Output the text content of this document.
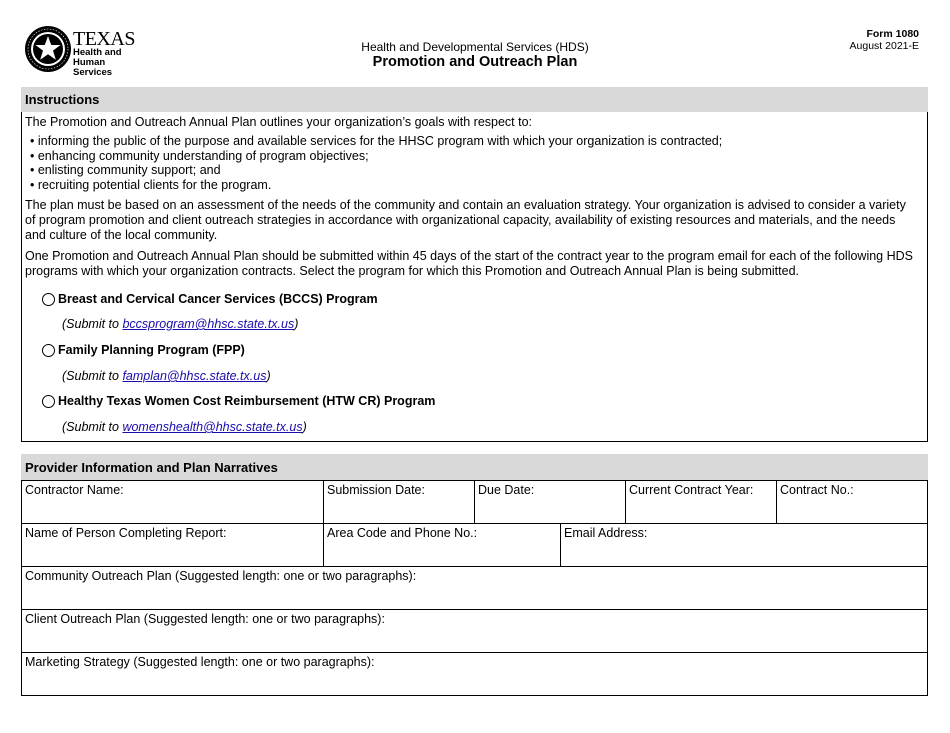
TEXAS
Health and Human
Services
Health and Developmental Services (HDS)
Promotion and Outreach Plan
Form 1080
August 2021-E
Instructions

The Promotion and Outreach Annual Plan outlines your organization’s goals with respect to:

• informing the public of the purpose and available services for the HHSC program with which your organization is contracted;
• enhancing community understanding of program objectives;
• enlisting community support; and
• recruiting potential clients for the program.

The plan must be based on an assessment of the needs of the community and contain an evaluation strategy. Your organization is advised to consider a variety of program promotion and client outreach strategies in accordance with organizational capacity, availability of existing resources and materials, and the needs and culture of the local community.

One Promotion and Outreach Annual Plan should be submitted within 45 days of the start of the contract year to the program email for each of the following HDS programs with which your organization contracts. Select the program for which this Promotion and Outreach Annual Plan is being submitted.

Breast and Cervical Cancer Services (BCCS) Program
(Submit to bccsprogram@hhsc.state.tx.us)
Family Planning Program (FPP)
(Submit to famplan@hhsc.state.tx.us)
Healthy Texas Women Cost Reimbursement (HTW CR) Program
(Submit to womenshealth@hhsc.state.tx.us)
Provider Information and Plan Narratives
Contractor Name:	Submission Date:	Due Date:	Current Contract Year:	Contract No.:
Name of Person Completing Report:	Area Code and Phone No.:	Email Address:
Community Outreach Plan (Suggested length: one or two paragraphs):
Client Outreach Plan (Suggested length: one or two paragraphs):
Marketing Strategy (Suggested length: one or two paragraphs):
